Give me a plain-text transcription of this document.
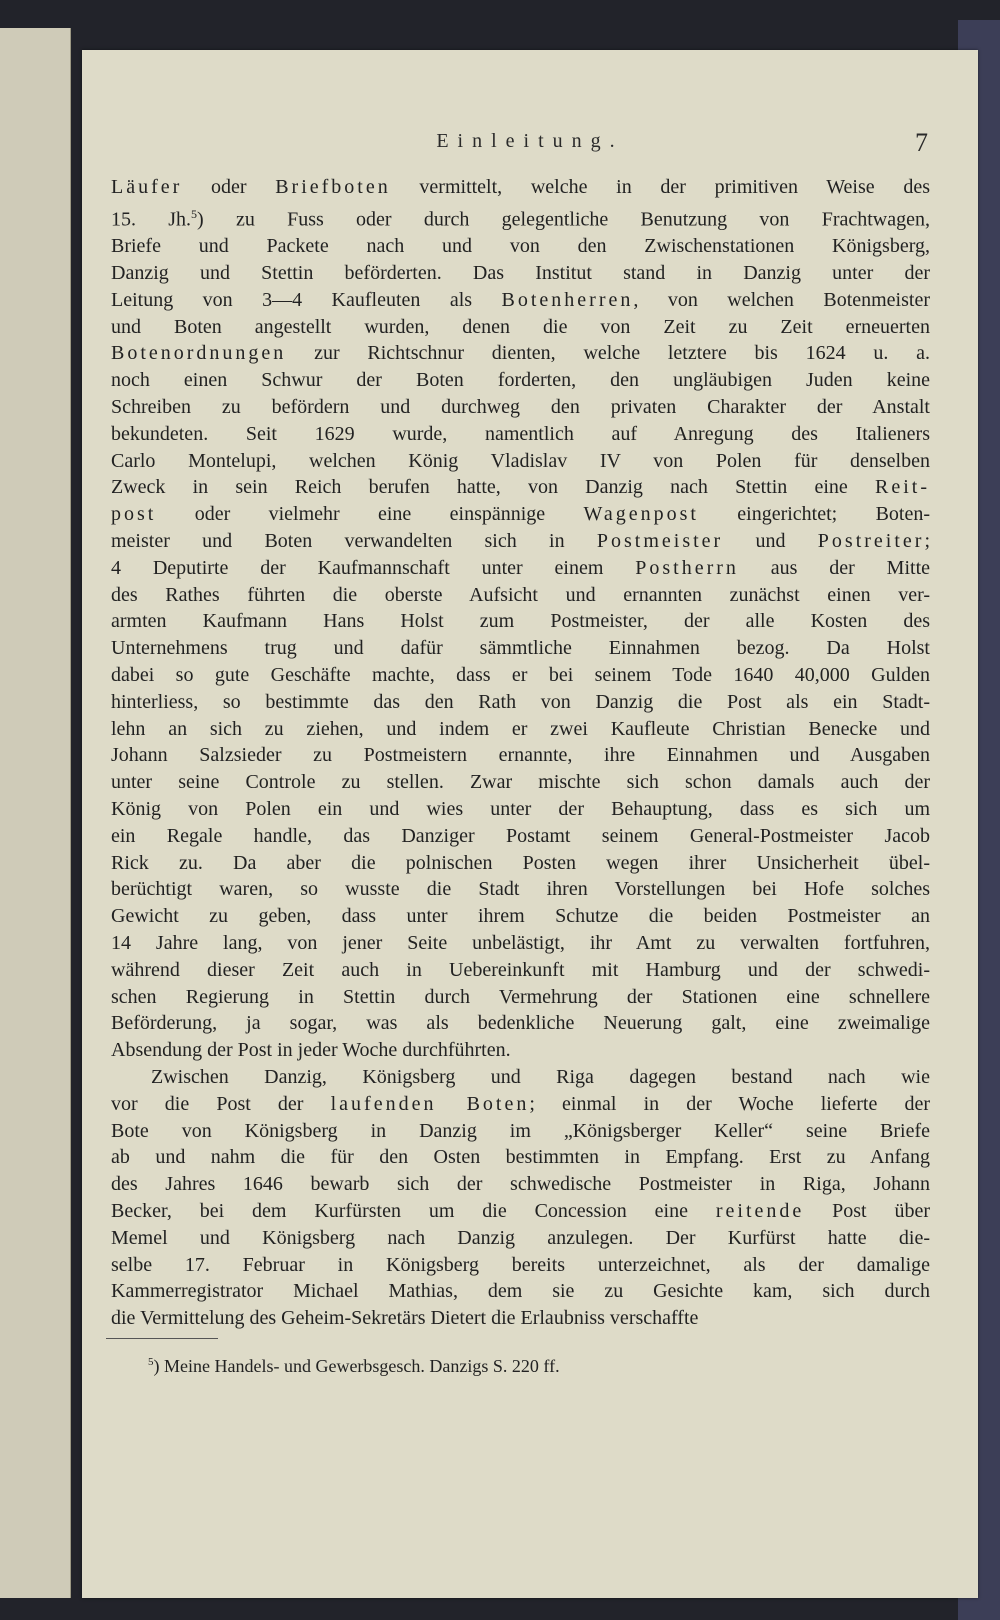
Einleitung.	7
Läufer oder Briefboten vermittelt, welche in der primitiven Weise des
15. Jh.$^5$) zu Fuss oder durch gelegentliche Benutzung von Frachtwagen,
Briefe und Packete nach und von den Zwischenstationen Königsberg,
Danzig und Stettin beförderten. Das Institut stand in Danzig unter der
Leitung von 3—4 Kaufleuten als Botenherren, von welchen Botenmeister
und Boten angestellt wurden, denen die von Zeit zu Zeit erneuerten
Botenordnungen zur Richtschnur dienten, welche letztere bis 1624 u. a.
noch einen Schwur der Boten forderten, den ungläubigen Juden keine
Schreiben zu befördern und durchweg den privaten Charakter der Anstalt
bekundeten. Seit 1629 wurde, namentlich auf Anregung des Italieners
Carlo Montelupi, welchen König Vladislav IV von Polen für denselben
Zweck in sein Reich berufen hatte, von Danzig nach Stettin eine Reit-
post oder vielmehr eine einspännige Wagenpost eingerichtet; Boten-
meister und Boten verwandelten sich in Postmeister und Postreiter;
4 Deputirte der Kaufmannschaft unter einem Postherrn aus der Mitte
des Rathes führten die oberste Aufsicht und ernannten zunächst einen ver-
armten Kaufmann Hans Holst zum Postmeister, der alle Kosten des
Unternehmens trug und dafür sämmtliche Einnahmen bezog. Da Holst
dabei so gute Geschäfte machte, dass er bei seinem Tode 1640 40,000 Gulden
hinterliess, so bestimmte das den Rath von Danzig die Post als ein Stadt-
lehn an sich zu ziehen, und indem er zwei Kaufleute Christian Benecke und
Johann Salzsieder zu Postmeistern ernannte, ihre Einnahmen und Ausgaben
unter seine Controle zu stellen. Zwar mischte sich schon damals auch der
König von Polen ein und wies unter der Behauptung, dass es sich um
ein Regale handle, das Danziger Postamt seinem General-Postmeister Jacob
Rick zu. Da aber die polnischen Posten wegen ihrer Unsicherheit übel-
berüchtigt waren, so wusste die Stadt ihren Vorstellungen bei Hofe solches
Gewicht zu geben, dass unter ihrem Schutze die beiden Postmeister an
14 Jahre lang, von jener Seite unbelästigt, ihr Amt zu verwalten fortfuhren,
während dieser Zeit auch in Uebereinkunft mit Hamburg und der schwedi-
schen Regierung in Stettin durch Vermehrung der Stationen eine schnellere
Beförderung, ja sogar, was als bedenkliche Neuerung galt, eine zweimalige
Absendung der Post in jeder Woche durchführten.
Zwischen Danzig, Königsberg und Riga dagegen bestand nach wie
vor die Post der laufenden Boten; einmal in der Woche lieferte der
Bote von Königsberg in Danzig im „Königsberger Keller“ seine Briefe
ab und nahm die für den Osten bestimmten in Empfang. Erst zu Anfang
des Jahres 1646 bewarb sich der schwedische Postmeister in Riga, Johann
Becker, bei dem Kurfürsten um die Concession eine reitende Post über
Memel und Königsberg nach Danzig anzulegen. Der Kurfürst hatte die-
selbe 17. Februar in Königsberg bereits unterzeichnet, als der damalige
Kammerregistrator Michael Mathias, dem sie zu Gesichte kam, sich durch
die Vermittelung des Geheim-Sekretärs Dietert die Erlaubniss verschaffte
$^5$) Meine Handels- und Gewerbsgesch. Danzigs S. 220 ff.
